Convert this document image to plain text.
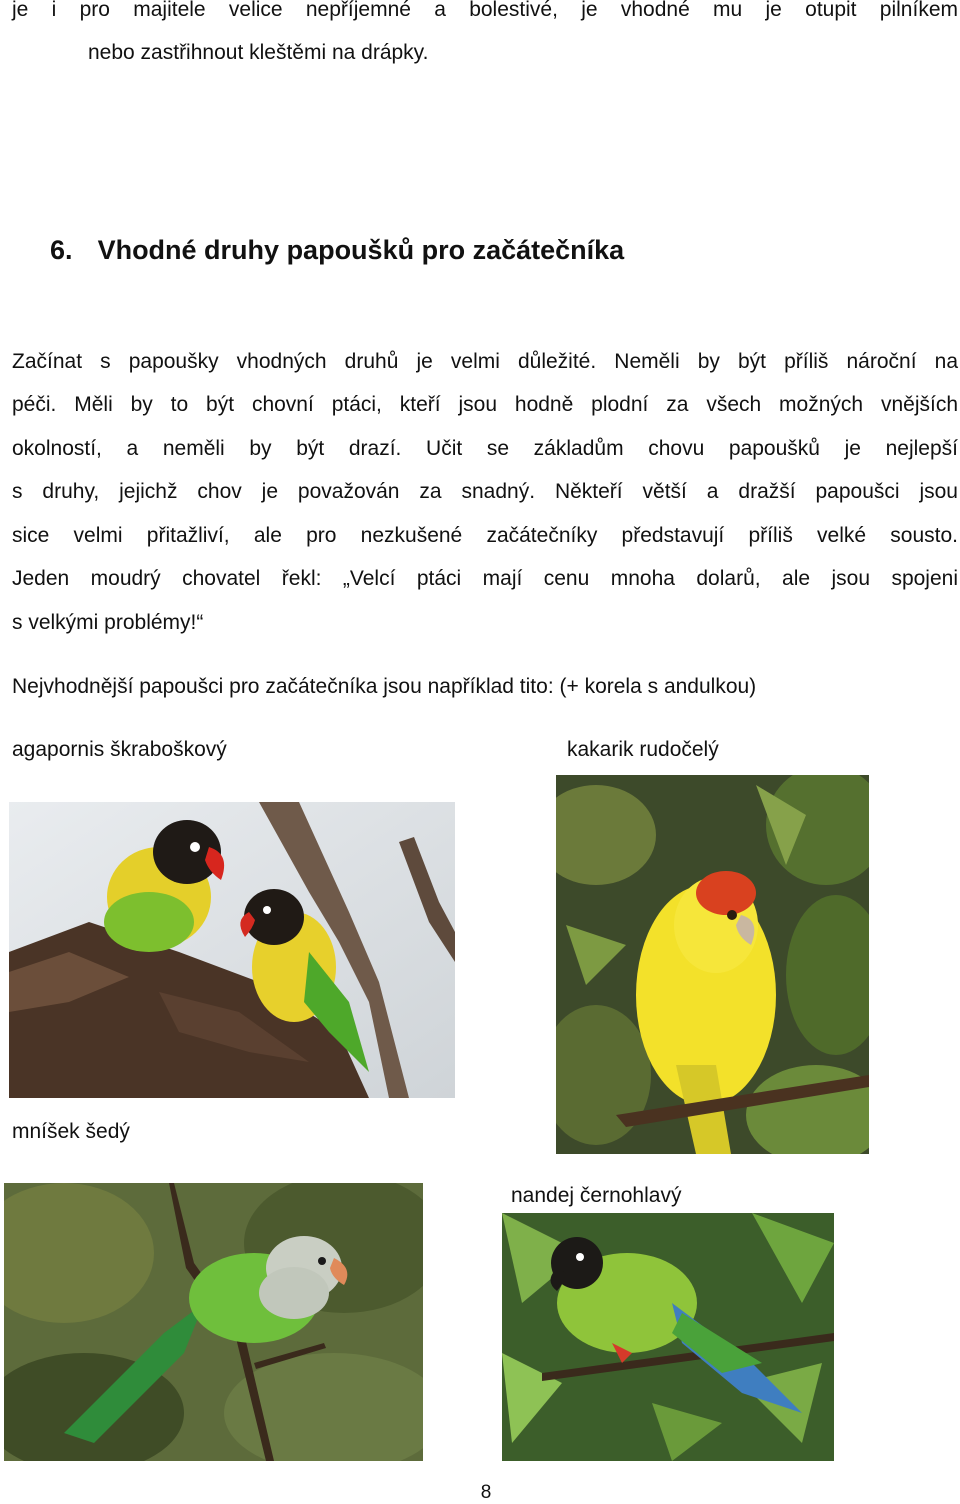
je i pro majitele velice nepříjemné a bolestivé, je vhodné mu je otupit pilníkem
nebo zastřihnout kleštěmi na drápky.
6. Vhodné druhy papoušků pro začátečníka
Začínat s papoušky vhodných druhů je velmi důležité. Neměli by být příliš nároční na
péči. Měli by to být chovní ptáci, kteří jsou hodně plodní za všech možných vnějších
okolností, a neměli by být drazí. Učit se základům chovu papoušků je nejlepší
s druhy, jejichž chov je považován za snadný. Někteří větší a dražší papoušci jsou
sice velmi přitažliví, ale pro nezkušené začátečníky představují příliš velké sousto.
Jeden moudrý chovatel řekl: „Velcí ptáci mají cenu mnoha dolarů, ale jsou spojeni
s velkými problémy!“
Nejvhodnější papoušci pro začátečníka jsou například tito: (+ korela s andulkou)
agapornis škraboškový	kakarik rudočelý
mníšek šedý
nandej černohlavý
8
